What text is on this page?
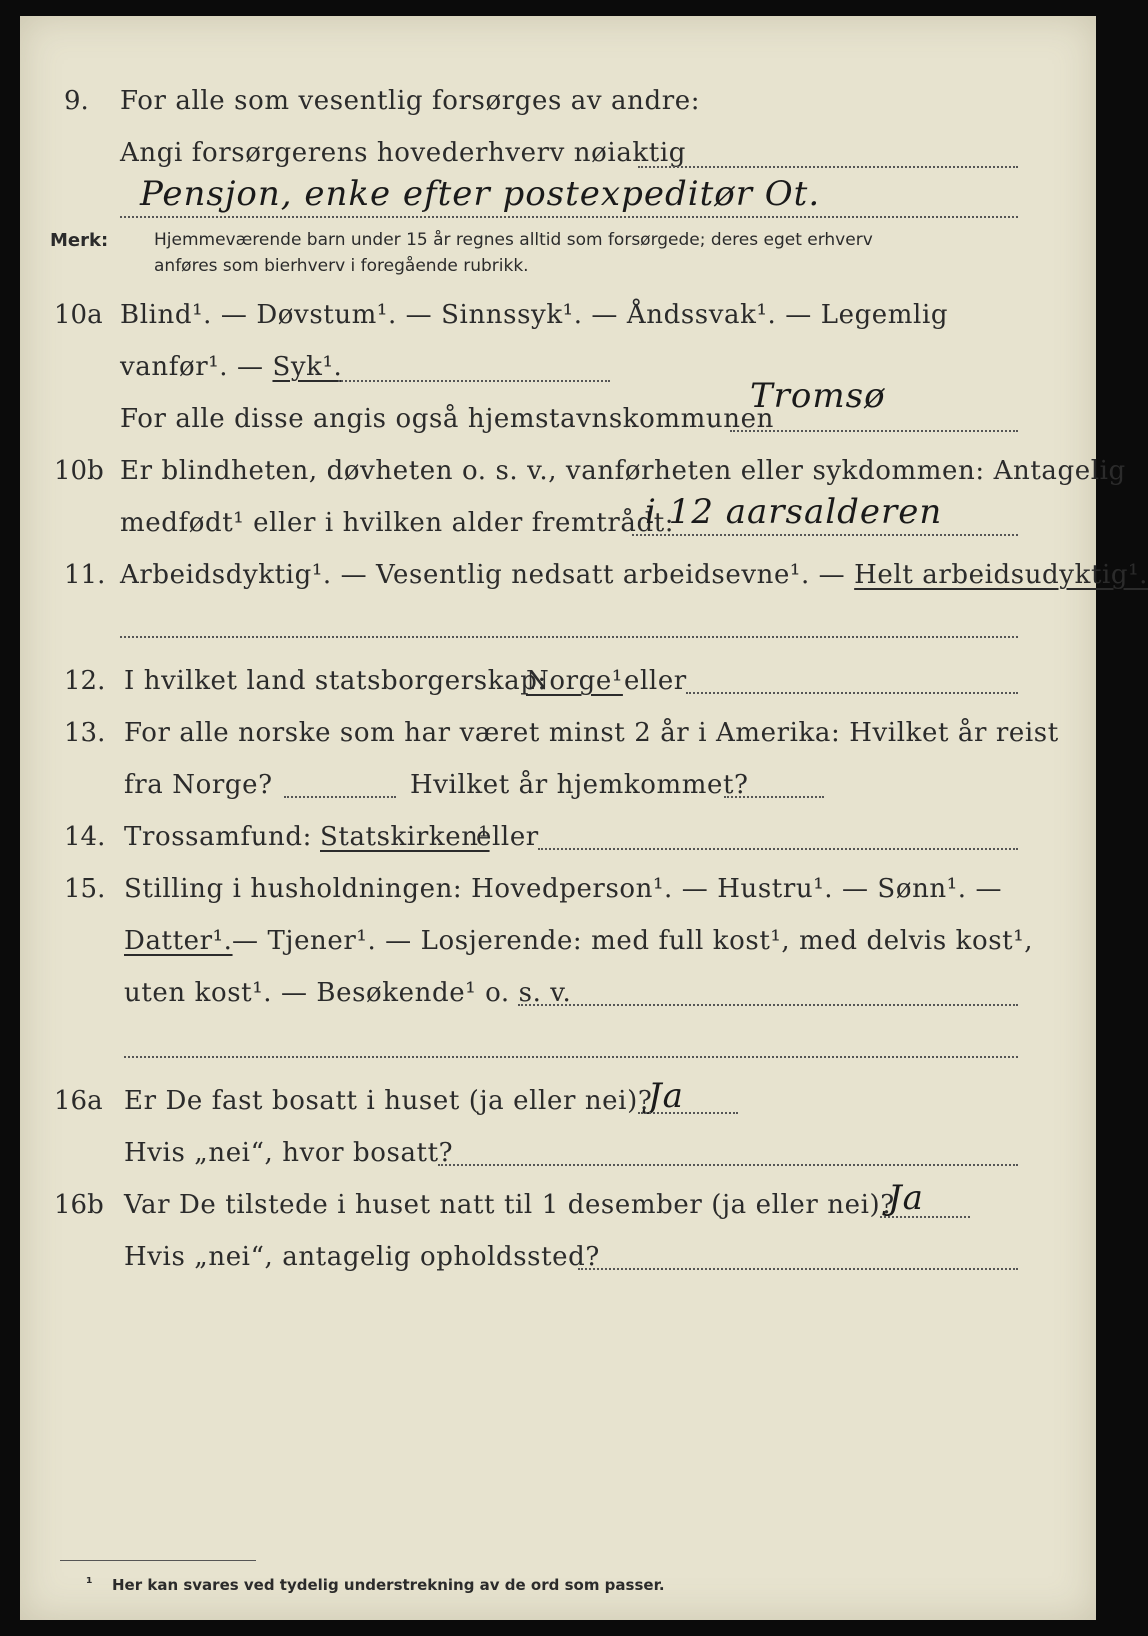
9. For alle som vesentlig forsørges av andre:
Angi forsørgerens hovederhverv nøiaktig
Pensjon, enke efter postexpeditør Ot.
Merk:	Hjemmeværende barn under 15 år regnes alltid som forsørgede; deres eget erhverv
anføres som bierhverv i foregående rubrikk.
10a Blind¹. — Døvstum¹. — Sinnssyk¹. — Åndssvak¹. — Legemlig
vanfør¹. — Syk¹.
For alle disse angis også hjemstavnskommunen
Tromsø
10b Er blindheten, døvheten o. s. v., vanførheten eller sykdommen: Antagelig
medfødt¹ eller i hvilken alder fremtrådt:
i 12 aarsalderen
11. Arbeidsdyktig¹. — Vesentlig nedsatt arbeidsevne¹. — Helt arbeidsudyktig¹.
12. I hvilket land statsborgerskap:
Norge¹ eller
13. For alle norske som har været minst 2 år i Amerika: Hvilket år reist
fra Norge?	Hvilket år hjemkommet?
14. Trossamfund: Statskirken¹
eller
15. Stilling i husholdningen: Hovedperson¹. — Hustru¹. — Sønn¹. —
Datter¹. — Tjener¹. — Losjerende: med full kost¹, med delvis kost¹,
uten kost¹. — Besøkende¹ o. s. v.
16a Er De fast bosatt i huset (ja eller nei)?
Ja
Hvis „nei“, hvor bosatt?
16b Var De tilstede i huset natt til 1 desember (ja eller nei)?
Ja
Hvis „nei“, antagelig opholdssted?
¹ Her kan svares ved tydelig understrekning av de ord som passer.
